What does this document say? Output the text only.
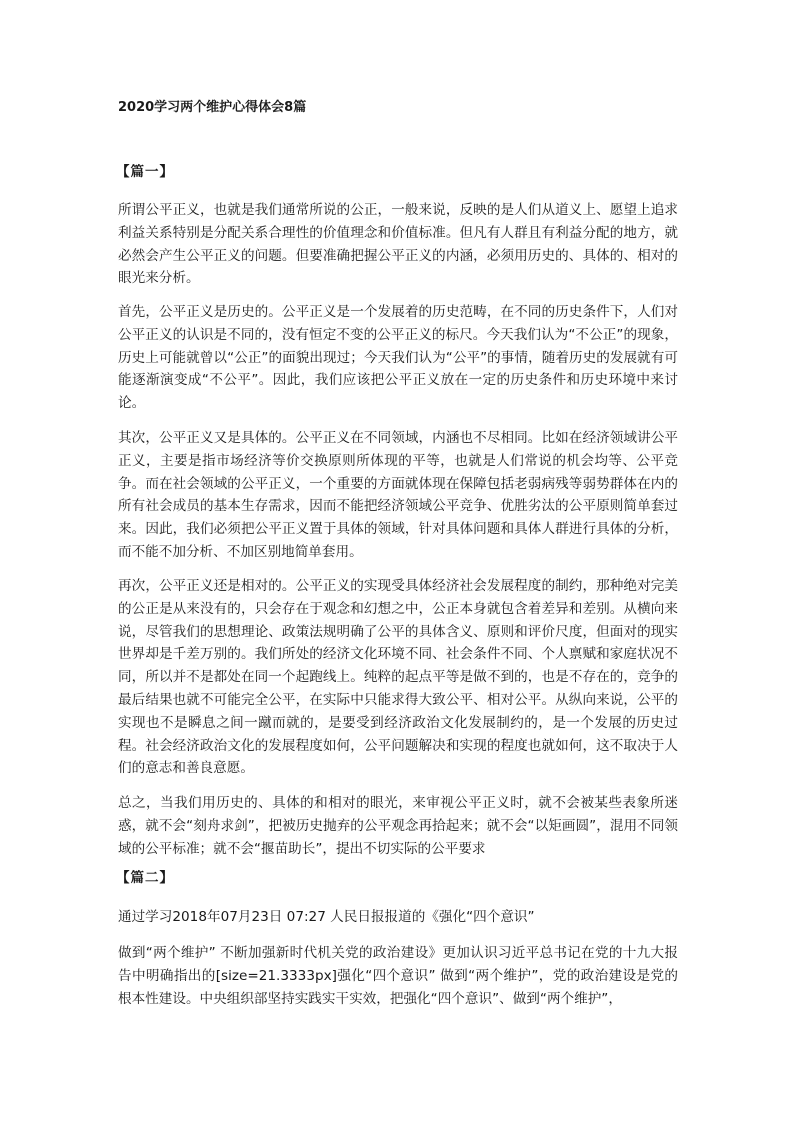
2020学习两个维护心得体会8篇
【篇一】

所谓公平正义，也就是我们通常所说的公正，一般来说，反映的是人们从道义上、愿望上追求利益关系特别是分配关系合理性的价值理念和价值标准。但凡有人群且有利益分配的地方，就必然会产生公平正义的问题。但要准确把握公平正义的内涵，必须用历史的、具体的、相对的眼光来分析。

首先，公平正义是历史的。公平正义是一个发展着的历史范畴，在不同的历史条件下，人们对公平正义的认识是不同的，没有恒定不变的公平正义的标尺。今天我们认为“不公正”的现象，历史上可能就曾以“公正”的面貌出现过；今天我们认为“公平”的事情，随着历史的发展就有可能逐渐演变成“不公平”。因此，我们应该把公平正义放在一定的历史条件和历史环境中来讨论。

其次，公平正义又是具体的。公平正义在不同领域，内涵也不尽相同。比如在经济领域讲公平正义，主要是指市场经济等价交换原则所体现的平等，也就是人们常说的机会均等、公平竞争。而在社会领域的公平正义，一个重要的方面就体现在保障包括老弱病残等弱势群体在内的所有社会成员的基本生存需求，因而不能把经济领域公平竞争、优胜劣汰的公平原则简单套过来。因此，我们必须把公平正义置于具体的领域，针对具体问题和具体人群进行具体的分析，而不能不加分析、不加区别地简单套用。

再次，公平正义还是相对的。公平正义的实现受具体经济社会发展程度的制约，那种绝对完美的公正是从来没有的，只会存在于观念和幻想之中，公正本身就包含着差异和差别。从横向来说，尽管我们的思想理论、政策法规明确了公平的具体含义、原则和评价尺度，但面对的现实世界却是千差万别的。我们所处的经济文化环境不同、社会条件不同、个人禀赋和家庭状况不同，所以并不是都处在同一个起跑线上。纯粹的起点平等是做不到的，也是不存在的，竞争的最后结果也就不可能完全公平，在实际中只能求得大致公平、相对公平。从纵向来说，公平的实现也不是瞬息之间一蹴而就的，是要受到经济政治文化发展制约的，是一个发展的历史过程。社会经济政治文化的发展程度如何，公平问题解决和实现的程度也就如何，这不取决于人们的意志和善良意愿。

总之，当我们用历史的、具体的和相对的眼光，来审视公平正义时，就不会被某些表象所迷惑，就不会“刻舟求剑”，把被历史抛弃的公平观念再拾起来；就不会“以矩画圆”，混用不同领域的公平标准；就不会“揠苗助长”，提出不切实际的公平要求

【篇二】

通过学习2018年07月23日 07:27 人民日报报道的《强化“四个意识”

做到“两个维护” 不断加强新时代机关党的政治建设》更加认识习近平总书记在党的十九大报告中明确指出的[size=21.3333px]强化“四个意识” 做到“两个维护”，党的政治建设是党的根本性建设。中央组织部坚持实践实干实效，把强化“四个意识”、做到“两个维护”，
